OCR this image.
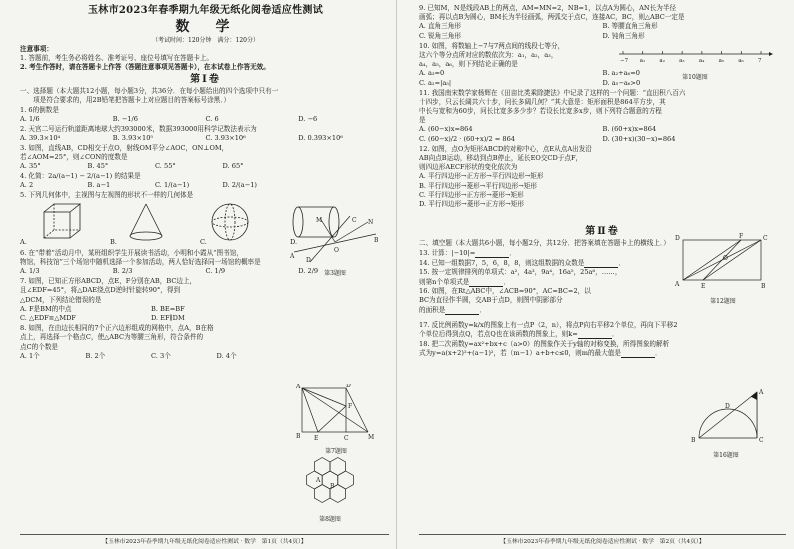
玉林市2023年春季期九年级无纸化阅卷适应性测试
数　学
（考试时间：120分钟　满分：120分）
注意事项：
1. 答题前，考生务必将姓名、准考证号、座位号填写在答题卡上。
2. 考生作答时，请在答题卡上作答（答题注意事项见答题卡），在本试卷上作答无效。
第Ⅰ卷
一、选择题（本大题共12小题，每小题3分，共36分．在每小题给出的四个选项中只有一
　　项是符合要求的，用2B铅笔把答题卡上对应题目的答案标号涂黑．）
1. 6的倒数是
A. 1/6	B. −1/6	C. 6	D. −6
2. 天宫二号运行轨道距离地球大约393000米，数据393000用科学记数法表示为
A. 39.3×10⁴	B. 3.93×10⁵	C. 3.93×10⁶	D. 0.393×10⁶
3. 如图，直线AB，CD相交于点O，射线OM平分∠AOC，ON⊥OM，
若∠AOM=25°，则∠CON的度数是
A. 35°	B. 45°	C. 55°	D. 65°
4. 化简：2a/(a−1) − 2/(a−1) 的结果是
A. 2	B. a−1	C. 1/(a−1)	D. 2/(a−1)
5. 下列几何体中，主视图与左视图的形状不一样的几何体是
A.	B.	C.	D.
6. 在“带着”活动月中，某班组织学生开展读书活动，小明和小霞从“图书馆，
物馆，科技馆”三个场馆中随机选择一个参加活动，两人恰好选择同一场馆的概率是
A. 1/3	B. 2/3	C. 1/9	D. 2/9
7. 如图，已知正方形ABCD，点E，F分别在AB，BC边上，
且∠EDF=45°，将△DAE绕点D逆时针旋转90°，得到
△DCM，下列结论错误的是
A. F是BM的中点	B. BE=BF
C. △EDF≌△MDF	D. EF∥DM
8. 如图，在由边长相同的7个正六边形组成的网格中，点A，B在格
点上，再选择一个格点C，使△ABC为等腰三角形，符合条件的
点C的个数是
A. 1个	B. 2个	C. 3个	D. 4个
A
B
C
D
M	N
O
第3题图
A	D
B	C	M
E
F
第7题图
A
B
第8题图
【玉林市2023年春季期九年级无纸化阅卷适应性测试 · 数学　第1页（共4页）】
9. 已知M，N是线段AB上的两点，AM=MN=2，NB=1，以点A为圆心，AN长为半径
画弧；再以点B为圆心，BM长为半径画弧，两弧交于点C，连接AC，BC，则△ABC一定是
A. 直角三角形	B. 等腰直角三角形
C. 锐角三角形	D. 钝角三角形
10. 如图，将数轴上−7与7两点间的线段七等分，
这六个等分点所对应的数依次为：a₁，a₂，a₃，
a₄，a₅，a₆，则下列结论正确的是	−7 a₁	a₂	a₃	a₄	a₅	a₆	7
第10题图
A. a₃=0	B. a₂+a₆=0
C. a₂=|a₅|	D. a₅−a₆>0
11. 我国南宋数学家杨辉在《田亩比类乘除捷法》中记录了这样的一个问题：“直田积八百六
十四步，只云长阔共六十步，问长多阔几何？”其大意是：矩形面积是864平方步，其
中长与宽和为60步，问长比宽多多少步？若设长比宽多x步，则下列符合题意的方程
是
A. (60−x)x=864	B. (60+x)x=864
C. (60−x)/2 · (60+x)/2 = 864	D. (30+x)(30−x)=864
12. 如图，点O为矩形ABCD的对称中心，点E从点A出发沿
AB向点B运动，移动到点B停止，延长EO交CD于点F，
则四边形AECF形状的变化依次为
A. 平行四边形→正方形→平行四边形→矩形
B. 平行四边形→菱形→平行四边形→矩形
C. 平行四边形→正方形→菱形→矩形
D. 平行四边形→菱形→正方形→矩形
D	C
F
A	E	B
O
第12题图
第Ⅱ卷
二、填空题（本大题共6小题，每小题2分，共12分．把答案填在答题卡上的横线上．）
13. 计算：|−10|=	．
14. 已知一组数据7，5，6，8，8，则这组数据的众数是	．
15. 按一定规律排列的单项式：a²，4a³，9a⁴，16a⁵，25a⁶，……，
则第n个单项式是	．
16. 如图，在Rt△ABC中，∠ACB=90°，AC=BC=2，以
BC为直径作半圆，交AB于点D，则图中阴影部分
的面积是	．
B	C
A
D
第16题图
17. 反比例函数y=k/x的图象上有一点P（2，n），将点P向右平移2个单位，再向下平移2
个单位后得到点Q，若点Q也在该函数的图象上，则k=	．
18. 把二次函数y=ax²+bx+c（a>0）的图象作关于y轴的对称变换，所得图象的解析
式为y=a(x+2)²+(a−1)²，若（m−1）a+b+c≤0，则m的最大值是	．
【玉林市2023年春季期九年级无纸化阅卷适应性测试 · 数学　第2页（共4页）】
